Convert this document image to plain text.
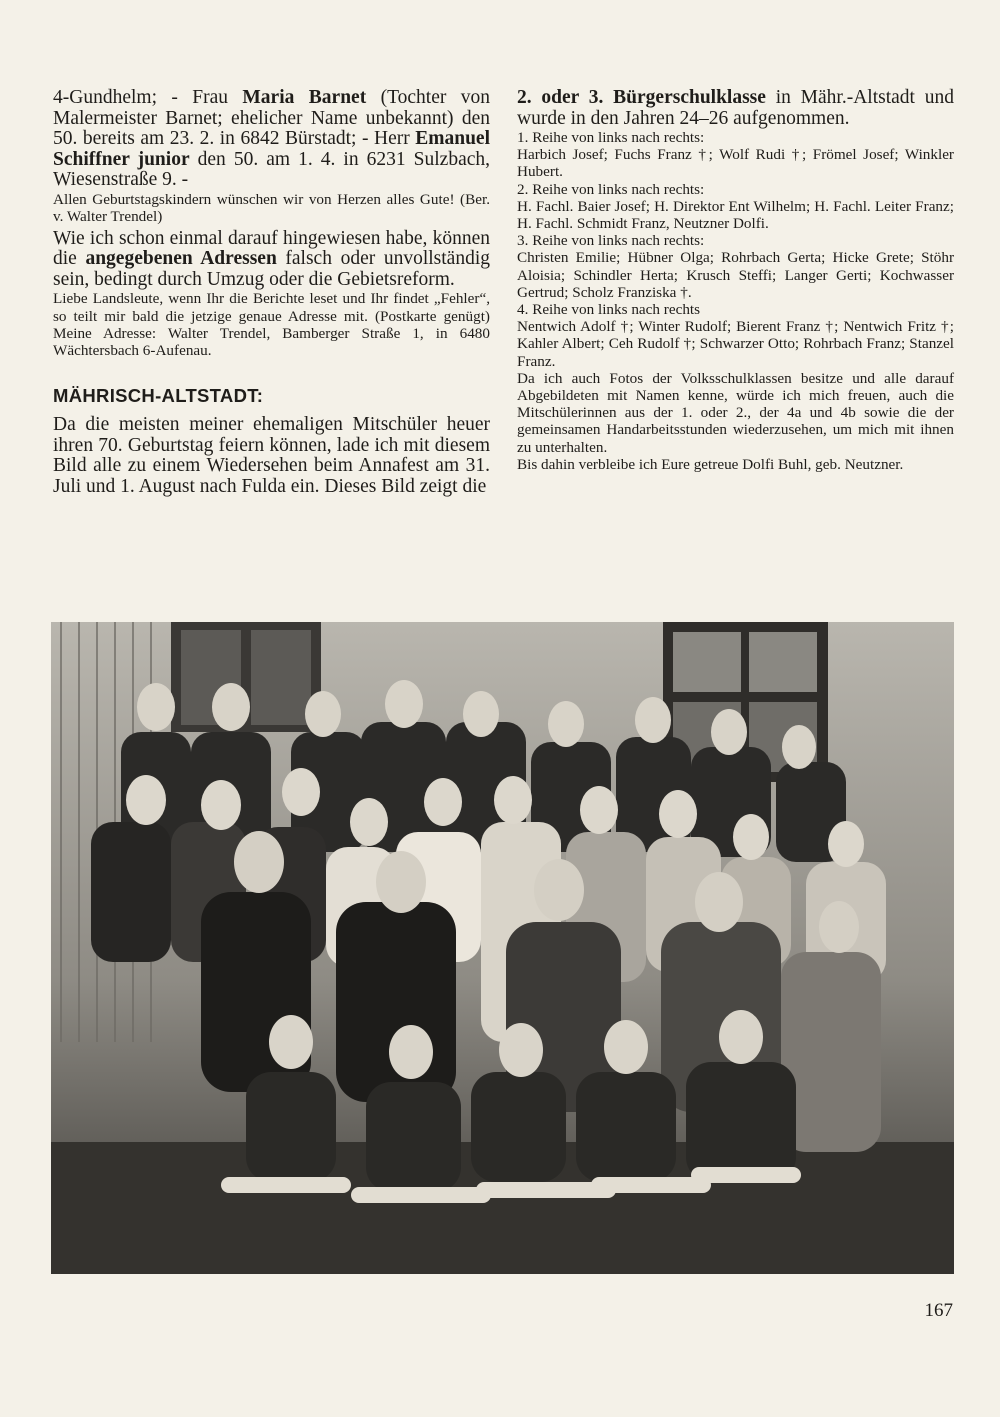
4-Gundhelm; - Frau Maria Barnet (Tochter von Malermeister Barnet; ehelicher Name unbekannt) den 50. bereits am 23. 2. in 6842 Bürstadt; - Herr Emanuel Schiffner junior den 50. am 1. 4. in 6231 Sulzbach, Wiesenstraße 9. -

Allen Geburtstagskindern wünschen wir von Herzen alles Gute! (Ber. v. Walter Trendel)

Wie ich schon einmal darauf hingewiesen habe, können die angegebenen Adressen falsch oder unvollständig sein, bedingt durch Umzug oder die Gebietsreform.

Liebe Landsleute, wenn Ihr die Berichte leset und Ihr findet „Fehler“, so teilt mir bald die jetzige genaue Adresse mit. (Postkarte genügt) Meine Adresse: Walter Trendel, Bamberger Straße 1, in 6480 Wächtersbach 6-Aufenau.

MÄHRISCH-ALTSTADT:

Da die meisten meiner ehemaligen Mitschüler heuer ihren 70. Geburtstag feiern können, lade ich mit diesem Bild alle zu einem Wiedersehen beim Annafest am 31. Juli und 1. August nach Fulda ein. Dieses Bild zeigt die

2. oder 3. Bürgerschulklasse in Mähr.-Altstadt und wurde in den Jahren 24–26 aufgenommen.

1. Reihe von links nach rechts:

Harbich Josef; Fuchs Franz †; Wolf Rudi †; Frömel Josef; Winkler Hubert.

2. Reihe von links nach rechts:

H. Fachl. Baier Josef; H. Direktor Ent Wilhelm; H. Fachl. Leiter Franz; H. Fachl. Schmidt Franz, Neutzner Dolfi.

3. Reihe von links nach rechts:

Christen Emilie; Hübner Olga; Rohrbach Gerta; Hicke Grete; Stöhr Aloisia; Schindler Herta; Krusch Steffi; Langer Gerti; Kochwasser Gertrud; Scholz Franziska †.

4. Reihe von links nach rechts

Nentwich Adolf †; Winter Rudolf; Bierent Franz †; Nentwich Fritz †; Kahler Albert; Ceh Rudolf †; Schwarzer Otto; Rohrbach Franz; Stanzel Franz.

Da ich auch Fotos der Volksschulklassen besitze und alle darauf Abgebildeten mit Namen kenne, würde ich mich freuen, auch die Mitschülerinnen aus der 1. oder 2., der 4a und 4b sowie die der gemeinsamen Handarbeitsstunden wiederzusehen, um mich mit ihnen zu unterhalten.

Bis dahin verbleibe ich Eure getreue Dolfi Buhl, geb. Neutzner.

167
